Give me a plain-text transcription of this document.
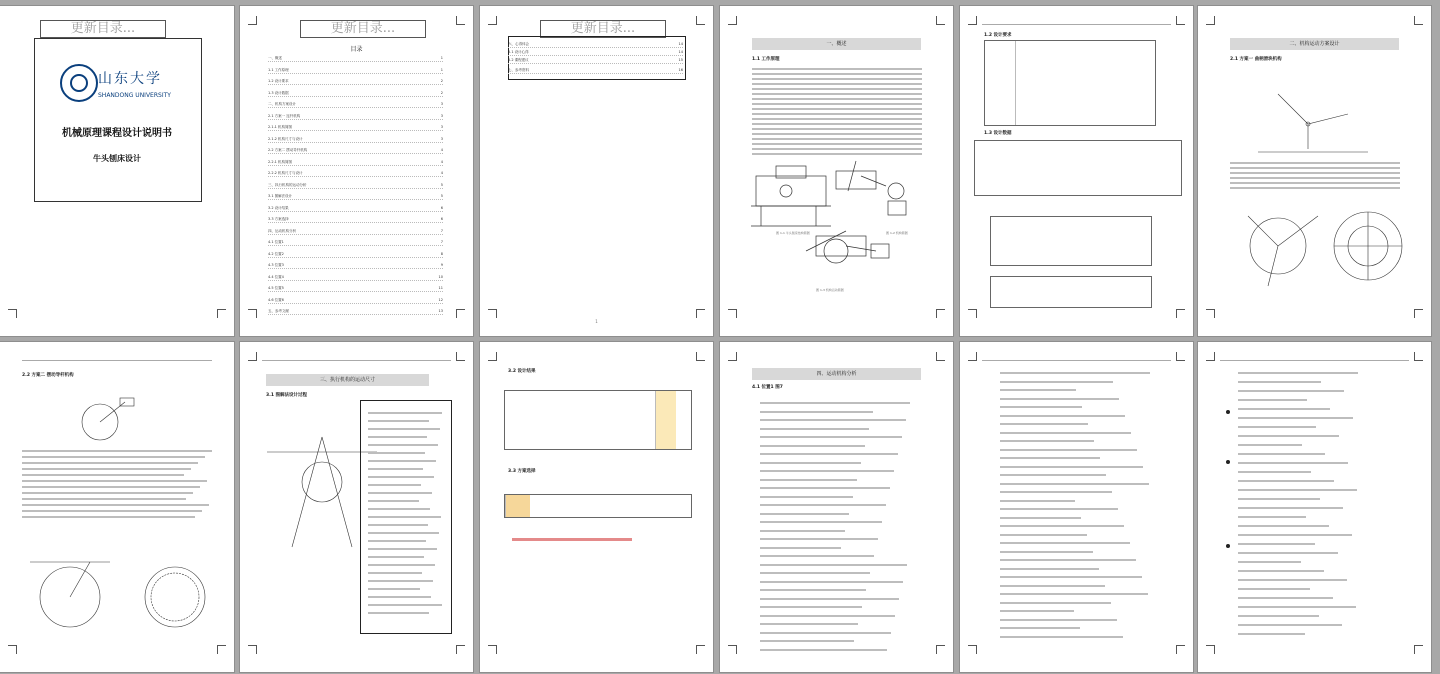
更新目录...
山东大学
SHANDONG UNIVERSITY
机械原理课程设计说明书
牛头刨床设计
更新目录...
目录
一、概述	1
1.1 工作原理	1
1.2 设计要求	2
1.3 设计数据	2
二、机构方案设计	3
2.1 方案一 连杆机构	3
2.1.1 机构简图	3
2.1.2 机构尺寸与设计	3
2.2 方案二 摆动导杆机构	4
2.2.1 机构简图	4
2.2.2 机构尺寸与设计	4
三、执行机构的运动分析	5
3.1 图解法设计	5
3.2 设计结果	6
3.3 方案选择	6
四、运动机构分析	7
4.1 位置1	7
4.2 位置2	8
4.3 位置3	9
4.4 位置4	10
4.5 位置5	11
4.6 位置6	12
五、参考文献	13
更新目录...
六、心得体会	14
5.1 设计心得	14
5.2 课程建议	15
七、参考资料	16
1
一、概述
1.1 工作原理
图 1-1 牛头刨床结构简图	图 1-2 机构简图
图 1-3 机构运动简图
1.2 设计要求
1.3 设计数据
二、机构运动方案设计
2.1 方案一 曲柄滑块机构
2.2 方案二 摆动导杆机构
三、执行机构的运动尺寸
3.1 图解法设计过程
3.2 设计结果
3.3 方案选择
四、运动机构分析
4.1 位置1 图7
